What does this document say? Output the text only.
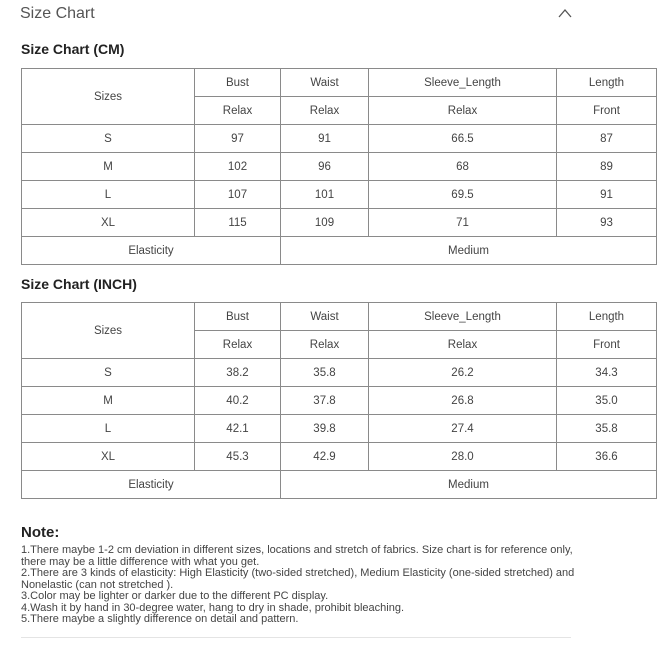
Size Chart
Size Chart (CM)
Sizes	Bust	Waist	Sleeve_Length	Length
	Relax	Relax	Relax	Front
S	97	91	66.5	87
M	102	96	68	89
L	107	101	69.5	91
XL	115	109	71	93
Elasticity		Medium		
Size Chart (INCH)
Sizes	Bust	Waist	Sleeve_Length	Length
	Relax	Relax	Relax	Front
S	38.2	35.8	26.2	34.3
M	40.2	37.8	26.8	35.0
L	42.1	39.8	27.4	35.8
XL	45.3	42.9	28.0	36.6
Elasticity		Medium		
Note:
1.There maybe 1-2 cm deviation in different sizes, locations and stretch of fabrics. Size chart is for reference only, there may be a little difference with what you get.
2.There are 3 kinds of elasticity: High Elasticity (two-sided stretched), Medium Elasticity (one-sided stretched) and Nonelastic (can not stretched ).
3.Color may be lighter or darker due to the different PC display.
4.Wash it by hand in 30-degree water, hang to dry in shade, prohibit bleaching.
5.There maybe a slightly difference on detail and pattern.
